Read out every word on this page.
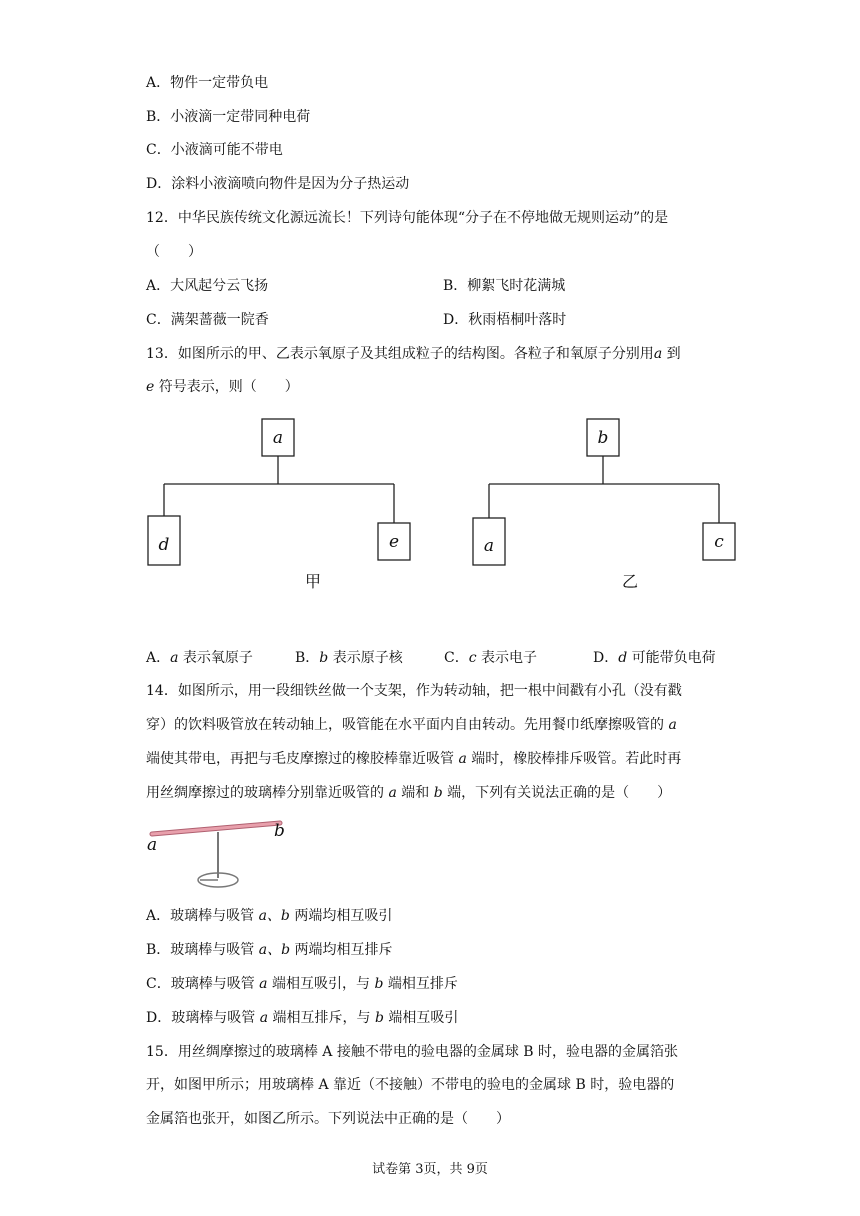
A．物件一定带负电
B．小液滴一定带同种电荷
C．小液滴可能不带电
D．涂料小液滴喷向物件是因为分子热运动
12．中华民族传统文化源远流长！下列诗句能体现“分子在不停地做无规则运动”的是
（　　）
A．大风起兮云飞扬	B．柳絮飞时花满城
C．满架蔷薇一院香	D．秋雨梧桐叶落时
13．如图所示的甲、乙表示氧原子及其组成粒子的结构图。各粒子和氧原子分别用a 到
e 符号表示，则（　　）
a
d	e
b
a	c
甲	乙
A．a 表示氧原子	B．b 表示原子核	C．c 表示电子	D．d 可能带负电荷
14．如图所示，用一段细铁丝做一个支架，作为转动轴，把一根中间戳有小孔（没有戳
穿）的饮料吸管放在转动轴上，吸管能在水平面内自由转动。先用餐巾纸摩擦吸管的 a
端使其带电，再把与毛皮摩擦过的橡胶棒靠近吸管 a 端时，橡胶棒排斥吸管。若此时再
用丝绸摩擦过的玻璃棒分别靠近吸管的 a 端和 b 端，下列有关说法正确的是（　　）
a
b
A．玻璃棒与吸管 a、b 两端均相互吸引
B．玻璃棒与吸管 a、b 两端均相互排斥
C．玻璃棒与吸管 a 端相互吸引，与 b 端相互排斥
D．玻璃棒与吸管 a 端相互排斥，与 b 端相互吸引
15．用丝绸摩擦过的玻璃棒 A 接触不带电的验电器的金属球 B 时，验电器的金属箔张
开，如图甲所示；用玻璃棒 A 靠近（不接触）不带电的验电的金属球 B 时，验电器的
金属箔也张开，如图乙所示。下列说法中正确的是（　　）
试卷第 3页，共 9页
